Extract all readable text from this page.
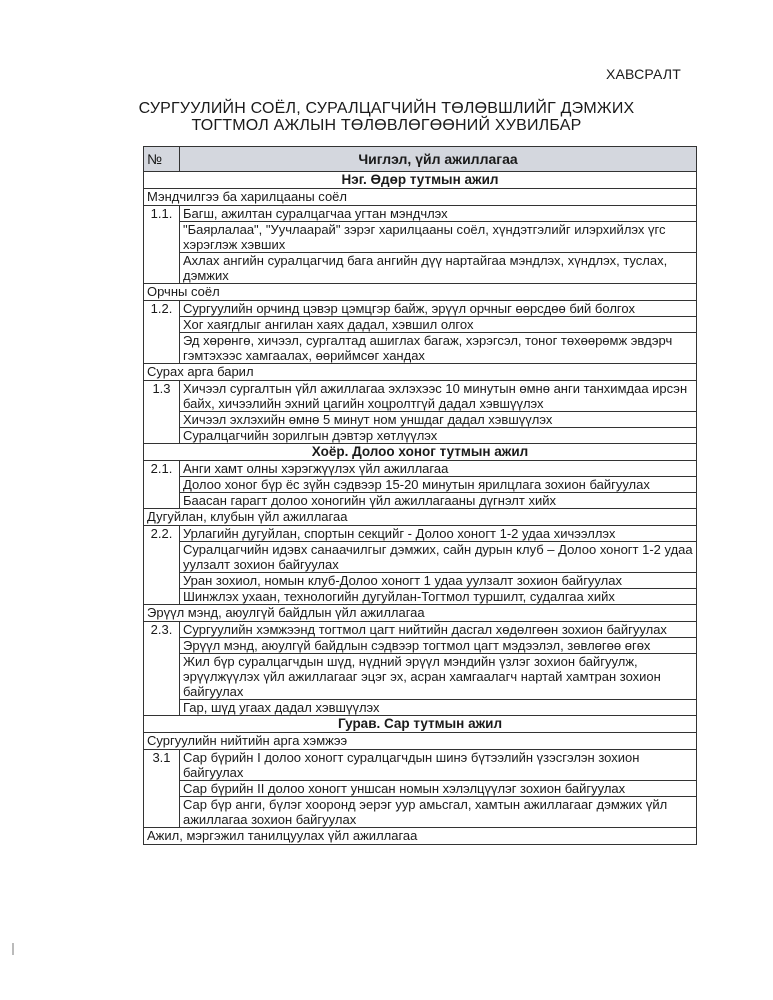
ХАВСРАЛТ
СУРГУУЛИЙН СОЁЛ, СУРАЛЦАГЧИЙН ТӨЛӨВШЛИЙГ ДЭМЖИХ
ТОГТМОЛ АЖЛЫН ТӨЛӨВЛӨГӨӨНИЙ ХУВИЛБАР
№	Чиглэл, үйл ажиллагаа
Нэг. Өдөр тутмын ажил	
Мэндчилгээ ба харилцааны соёл	
1.1.	Багш, ажилтан суралцагчаа угтан мэндчлэх
	"Баярлалаа", "Уучлаарай" зэрэг харилцааны соёл, хүндэтгэлийг илэрхийлэх үгс хэрэглэж хэвших
	Ахлах ангийн суралцагчид бага ангийн дүү нартайгаа мэндлэх, хүндлэх, туслах, дэмжих
Орчны соёл	
1.2.	Сургуулийн орчинд цэвэр цэмцгэр байж, эрүүл орчныг өөрсдөө бий болгох
	Хог хаягдлыг ангилан хаях дадал, хэвшил олгох
	Эд хөрөнгө, хичээл, сургалтад ашиглах багаж, хэрэгсэл, тоног төхөөрөмж эвдэрч гэмтэхээс хамгаалах, өөриймсөг хандах
Сурах арга барил	
1.3	Хичээл сургалтын үйл ажиллагаа эхлэхээс 10 минутын өмнө анги танхимдаа ирсэн байх, хичээлийн эхний цагийн хоцролтгүй дадал хэвшүүлэх
	Хичээл эхлэхийн өмнө 5 минут ном уншдаг дадал хэвшүүлэх
	Суралцагчийн зорилгын дэвтэр хөтлүүлэх
Хоёр. Долоо хоног тутмын ажил	
2.1.	Анги хамт олны хэрэгжүүлэх үйл ажиллагаа
	Долоо хоног бүр ёс зүйн сэдвээр 15-20 минутын ярилцлага зохион байгуулах
	Баасан гарагт долоо хоногийн үйл ажиллагааны дүгнэлт хийх
Дугуйлан, клубын үйл ажиллагаа	
2.2.	Урлагийн дугуйлан, спортын секцийг - Долоо хоногт 1-2 удаа хичээллэх
	Суралцагчийн идэвх санаачилгыг дэмжих, сайн дурын клуб – Долоо хоногт 1-2 удаа уулзалт зохион байгуулах
	Уран зохиол, номын клуб-Долоо хоногт 1 удаа уулзалт зохион байгуулах
	Шинжлэх ухаан, технологийн дугуйлан-Тогтмол туршилт, судалгаа хийх
Эрүүл мэнд, аюулгүй байдлын үйл ажиллагаа	
2.3.	Сургуулийн хэмжээнд тогтмол цагт нийтийн дасгал хөдөлгөөн зохион байгуулах
	Эрүүл мэнд, аюулгүй байдлын сэдвээр тогтмол цагт мэдээлэл, зөвлөгөө өгөх
	Жил бүр суралцагчдын шүд, нүдний эрүүл мэндийн үзлэг зохион байгуулж, эрүүлжүүлэх үйл ажиллагааг эцэг эх, асран хамгаалагч нартай хамтран зохион байгуулах
	Гар, шүд угаах дадал хэвшүүлэх
Гурав. Сар тутмын ажил	
Сургуулийн нийтийн арга хэмжээ	
3.1	Сар бүрийн I долоо хоногт суралцагчдын шинэ бүтээлийн үзэсгэлэн зохион байгуулах
	Сар бүрийн II долоо хоногт уншсан номын хэлэлцүүлэг зохион байгуулах
	Сар бүр анги, бүлэг хооронд эерэг уур амьсгал, хамтын ажиллагааг дэмжих үйл ажиллагаа зохион байгуулах
Ажил, мэргэжил танилцуулах үйл ажиллагаа	
